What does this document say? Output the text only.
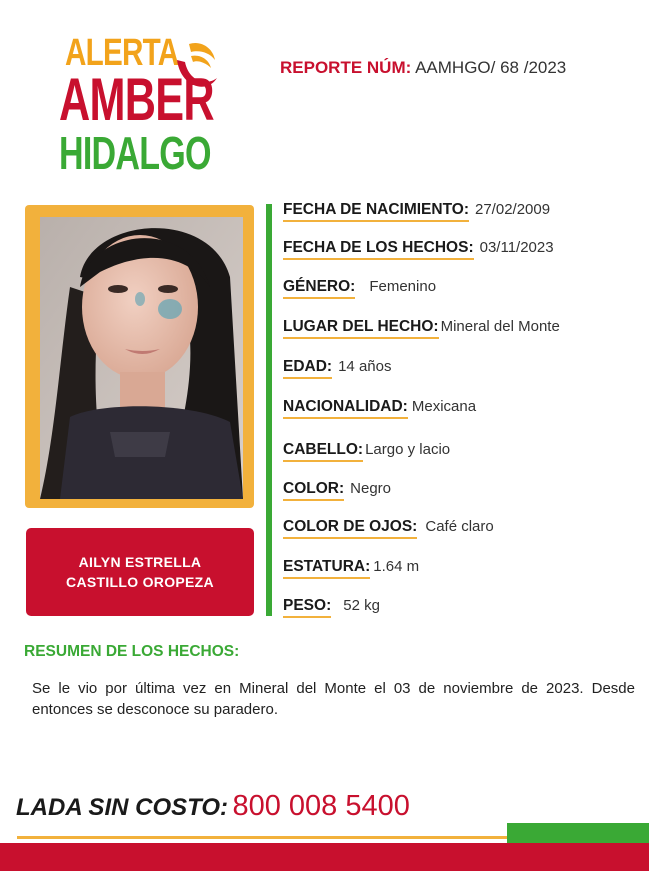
ALERTA
AMBER
HIDALGO
REPORTE NÚM: AAMHGO/ 68 /2023
AILYN ESTRELLA
CASTILLO OROPEZA
FECHA DE NACIMIENTO: 27/02/2009
FECHA DE LOS HECHOS: 03/11/2023
GÉNERO: Femenino
LUGAR DEL HECHO: Mineral del Monte
EDAD: 14 años
NACIONALIDAD: Mexicana
CABELLO: Largo y lacio
COLOR: Negro
COLOR DE OJOS: Café claro
ESTATURA: 1.64 m
PESO: 52 kg
RESUMEN DE LOS HECHOS:
Se le vio por última vez en Mineral del Monte el 03 de noviembre de 2023. Desde entonces se desconoce su paradero.
LADA SIN COSTO: 800 008 5400
